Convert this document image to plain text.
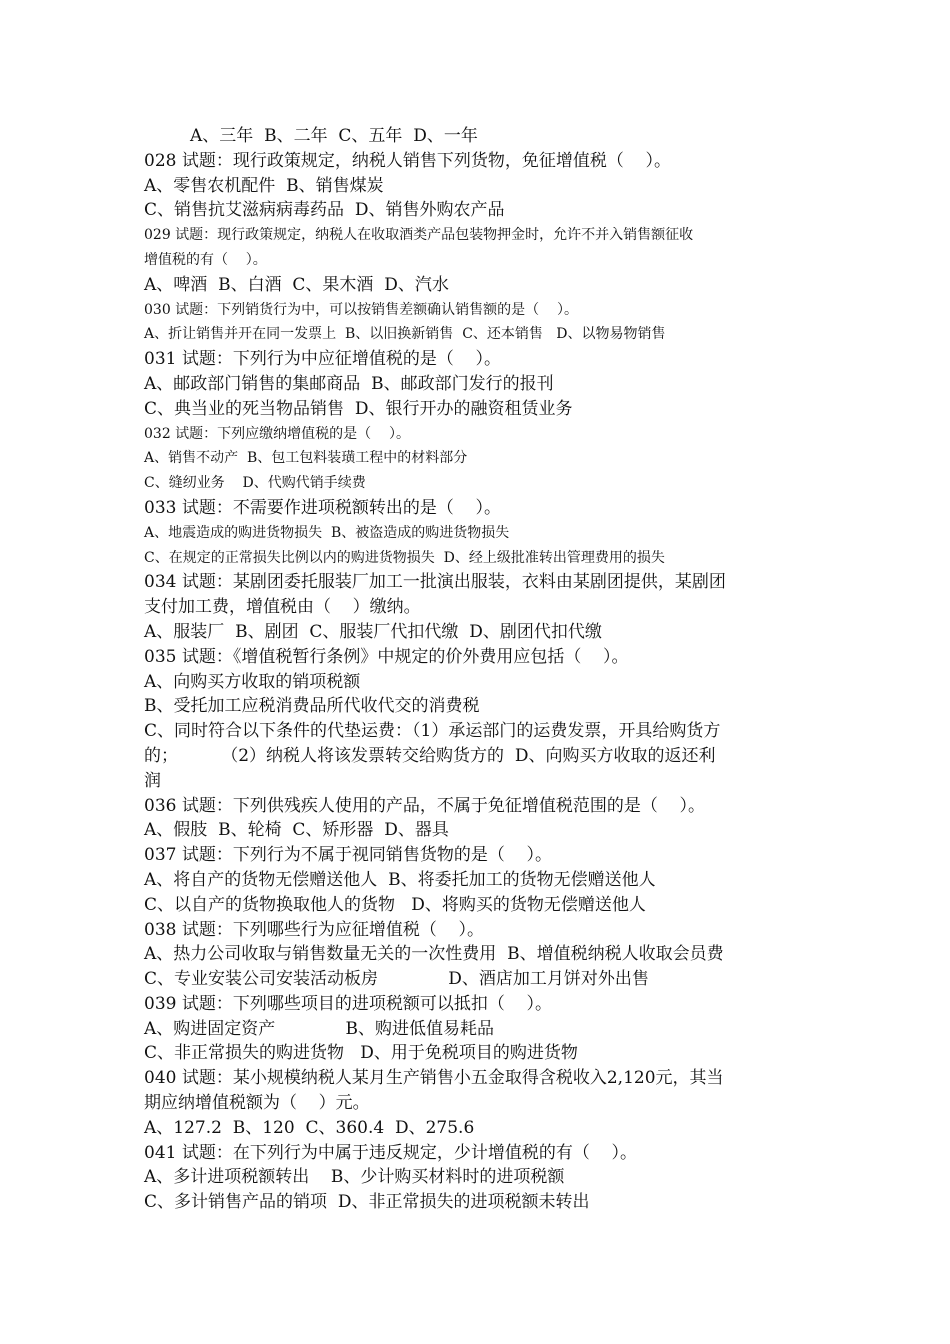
A、三年  B、二年  C、五年  D、一年
028 试题：现行政策规定，纳税人销售下列货物，免征增值税（    ）。
A、零售农机配件  B、销售煤炭
C、销售抗艾滋病病毒药品  D、销售外购农产品
029 试题：现行政策规定，纳税人在收取酒类产品包装物押金时，允许不并入销售额征收
增值税的有（    ）。
A、啤酒  B、白酒  C、果木酒  D、汽水
030 试题：下列销货行为中，可以按销售差额确认销售额的是（    ）。
A、折让销售并开在同一发票上  B、以旧换新销售  C、还本销售   D、以物易物销售
031 试题：下列行为中应征增值税的是（    ）。
A、邮政部门销售的集邮商品  B、邮政部门发行的报刊
C、典当业的死当物品销售  D、银行开办的融资租赁业务
032 试题：下列应缴纳增值税的是（    ）。
A、销售不动产  B、包工包料装璜工程中的材料部分
C、缝纫业务    D、代购代销手续费
033 试题：不需要作进项税额转出的是（    ）。
A、地震造成的购进货物损失  B、被盗造成的购进货物损失
C、在规定的正常损失比例以内的购进货物损失  D、经上级批准转出管理费用的损失
034 试题：某剧团委托服装厂加工一批演出服装，衣料由某剧团提供，某剧团
支付加工费，增值税由（    ）缴纳。
A、服装厂  B、剧团  C、服装厂代扣代缴  D、剧团代扣代缴
035 试题：《增值税暂行条例》中规定的价外费用应包括（    ）。
A、向购买方收取的销项税额
B、受托加工应税消费品所代收代交的消费税
C、同时符合以下条件的代垫运费：（1）承运部门的运费发票，开具给购货方
的；        （2）纳税人将该发票转交给购货方的  D、向购买方收取的返还利
润
036 试题：下列供残疾人使用的产品，不属于免征增值税范围的是（    ）。
A、假肢  B、轮椅  C、矫形器  D、器具
037 试题：下列行为不属于视同销售货物的是（    ）。
A、将自产的货物无偿赠送他人  B、将委托加工的货物无偿赠送他人
C、以自产的货物换取他人的货物   D、将购买的货物无偿赠送他人
038 试题：下列哪些行为应征增值税（    ）。
A、热力公司收取与销售数量无关的一次性费用  B、增值税纳税人收取会员费
C、专业安装公司安装活动板房             D、酒店加工月饼对外出售
039 试题：下列哪些项目的进项税额可以抵扣（    ）。
A、购进固定资产             B、购进低值易耗品
C、非正常损失的购进货物   D、用于免税项目的购进货物
040 试题：某小规模纳税人某月生产销售小五金取得含税收入2,120元，其当
期应纳增值税额为（    ）元。
A、127.2  B、120  C、360.4  D、275.6
041 试题：在下列行为中属于违反规定，少计增值税的有（    ）。
A、多计进项税额转出    B、少计购买材料时的进项税额
C、多计销售产品的销项  D、非正常损失的进项税额未转出
